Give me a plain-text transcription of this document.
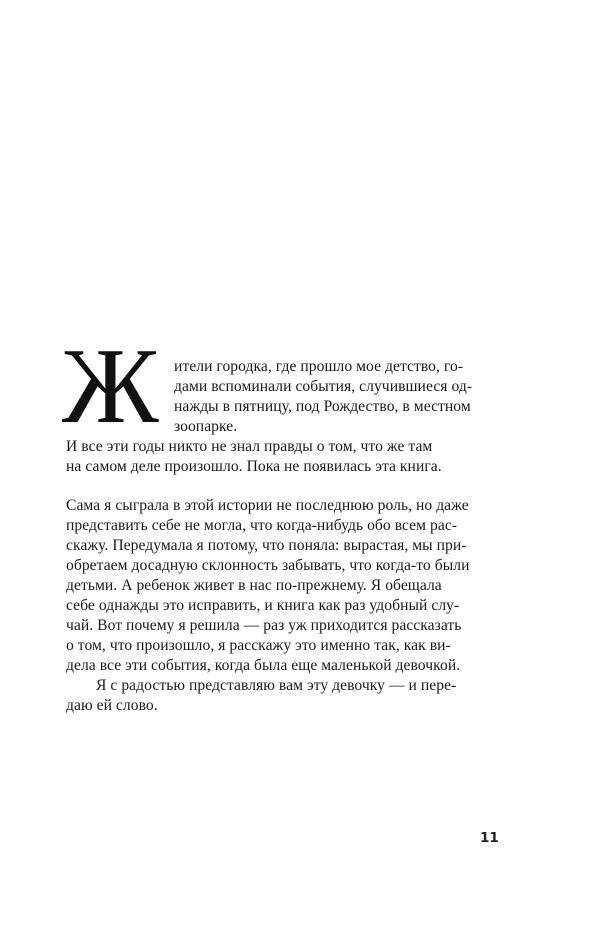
Ж ители городка, где прошло мое детство, го-
дами вспоминали события, случившиеся од-
нажды в пятницу, под Рождество, в местном
зоопарке.
И все эти годы никто не знал правды о том, что же там
на самом деле произошло. Пока не появилась эта книга.
Сама я сыграла в этой истории не последнюю роль, но даже
представить себе не могла, что когда-нибудь обо всем рас-
скажу. Передумала я потому, что поняла: вырастая, мы при-
обретаем досадную склонность забывать, что когда-то были
детьми. А ребенок живет в нас по-прежнему. Я обещала
себе однажды это исправить, и книга как раз удобный слу-
чай. Вот почему я решила — раз уж приходится рассказать
о том, что произошло, я расскажу это именно так, как ви-
дела все эти события, когда была еще маленькой девочкой.
Я с радостью представляю вам эту девочку — и пере-
даю ей слово.
11
